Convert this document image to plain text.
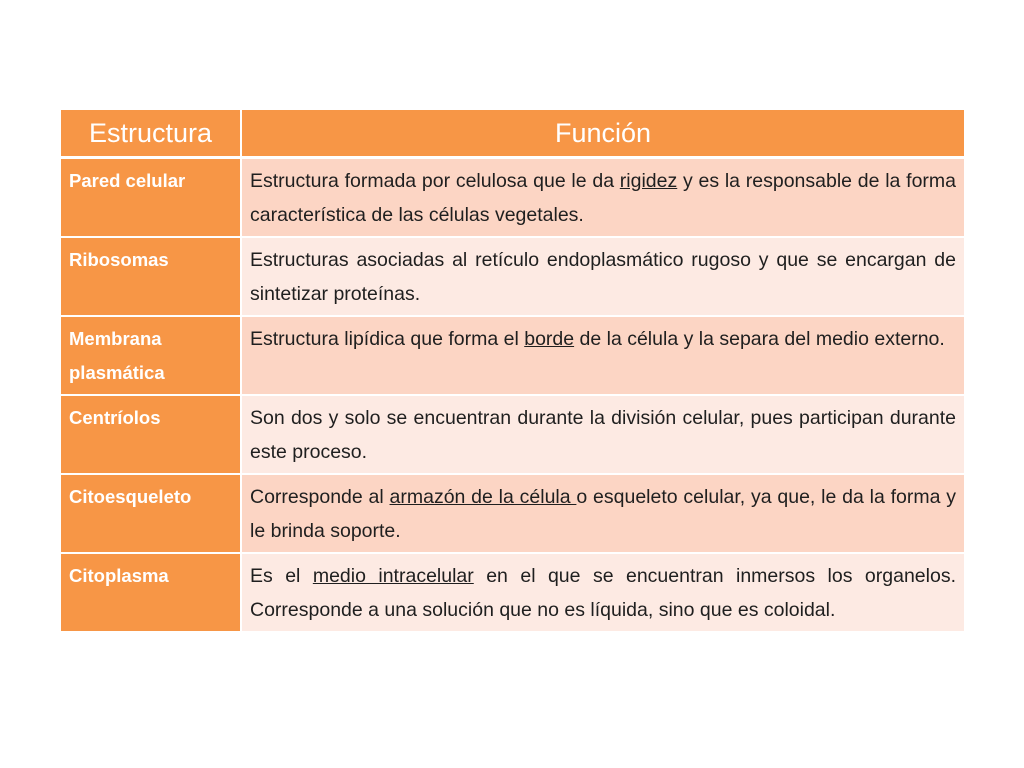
Estructura	Función
Pared celular	Estructura formada por celulosa que le da rigidez y es la responsable de la forma característica de las células vegetales.
Ribosomas	Estructuras asociadas al retículo endoplasmático rugoso y que se encargan de sintetizar proteínas.
Membrana plasmática	Estructura lipídica que forma el borde de la célula y la separa del medio externo.
Centríolos	Son dos y solo se encuentran durante la división celular, pues participan durante este proceso.
Citoesqueleto	Corresponde al armazón de la célula o esqueleto celular, ya que, le da la forma y le brinda soporte.
Citoplasma	Es el medio intracelular en el que se encuentran inmersos los organelos. Corresponde a una solución que no es líquida, sino que es coloidal.
